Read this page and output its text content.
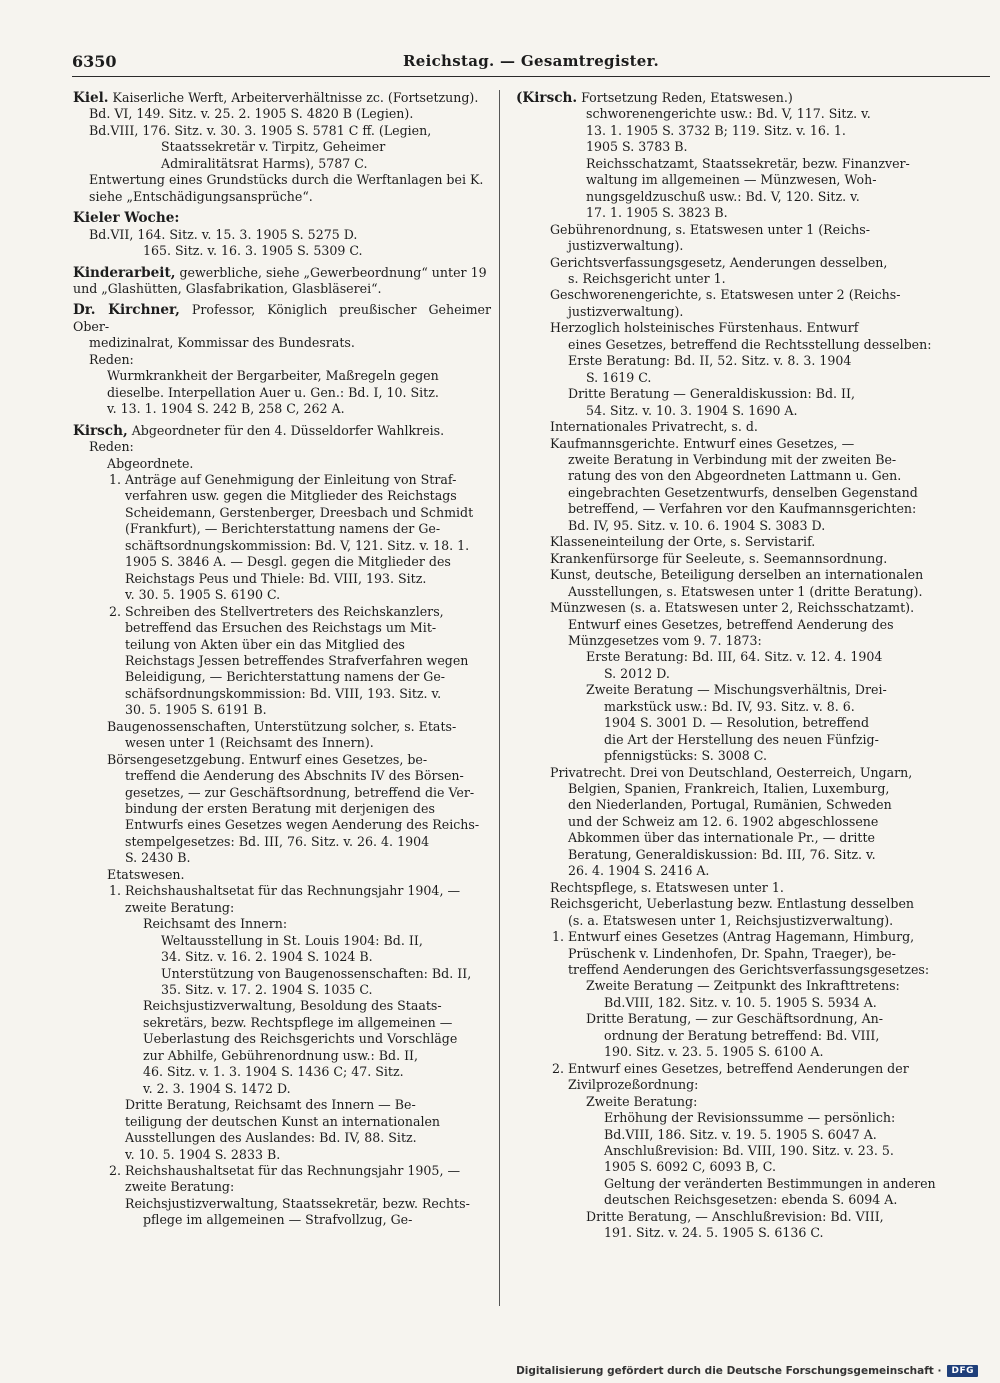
6350	Reichstag. — Gesamtregister.

Kiel. Kaiserliche Werft, Arbeiterverhältnisse zc. (Fortsetzung).

Bd. VI, 149. Sitz. v. 25. 2. 1905 S. 4820 B (Legien).

Bd.VIII, 176. Sitz. v. 30. 3. 1905 S. 5781 C ff. (Legien,

Staatssekretär v. Tirpitz, Geheimer

Admiralitätsrat Harms), 5787 C.

Entwertung eines Grundstücks durch die Werftanlagen bei K.

siehe „Entschädigungsansprüche“.

Kieler Woche:

Bd.VII, 164. Sitz. v. 15. 3. 1905 S. 5275 D.

165. Sitz. v. 16. 3. 1905 S. 5309 C.

Kinderarbeit, gewerbliche, siehe „Gewerbeordnung“ unter 19

und „Glashütten, Glasfabrikation, Glasbläserei“.

Dr. Kirchner, Professor, Königlich preußischer Geheimer Ober-

medizinalrat, Kommissar des Bundesrats.

Reden:

Wurmkrankheit der Bergarbeiter, Maßregeln gegen

dieselbe. Interpellation Auer u. Gen.: Bd. I, 10. Sitz.

v. 13. 1. 1904 S. 242 B, 258 C, 262 A.

Kirsch, Abgeordneter für den 4. Düsseldorfer Wahlkreis.

Reden:

Abgeordnete.

1. Anträge auf Genehmigung der Einleitung von Straf-

verfahren usw. gegen die Mitglieder des Reichstags

Scheidemann, Gerstenberger, Dreesbach und Schmidt

(Frankfurt), — Berichterstattung namens der Ge-

schäftsordnungskommission: Bd. V, 121. Sitz. v. 18. 1.

1905 S. 3846 A. — Desgl. gegen die Mitglieder des

Reichstags Peus und Thiele: Bd. VIII, 193. Sitz.

v. 30. 5. 1905 S. 6190 C.

2. Schreiben des Stellvertreters des Reichskanzlers,

betreffend das Ersuchen des Reichstags um Mit-

teilung von Akten über ein das Mitglied des

Reichstags Jessen betreffendes Strafverfahren wegen

Beleidigung, — Berichterstattung namens der Ge-

schäfsordnungskommission: Bd. VIII, 193. Sitz. v.

30. 5. 1905 S. 6191 B.

Baugenossenschaften, Unterstützung solcher, s. Etats-

wesen unter 1 (Reichsamt des Innern).

Börsengesetzgebung. Entwurf eines Gesetzes, be-

treffend die Aenderung des Abschnits IV des Börsen-

gesetzes, — zur Geschäftsordnung, betreffend die Ver-

bindung der ersten Beratung mit derjenigen des

Entwurfs eines Gesetzes wegen Aenderung des Reichs-

stempelgesetzes: Bd. III, 76. Sitz. v. 26. 4. 1904

S. 2430 B.

Etatswesen.

1. Reichshaushaltsetat für das Rechnungsjahr 1904, —

zweite Beratung:

Reichsamt des Innern:

Weltausstellung in St. Louis 1904: Bd. II,

34. Sitz. v. 16. 2. 1904 S. 1024 B.

Unterstützung von Baugenossenschaften: Bd. II,

35. Sitz. v. 17. 2. 1904 S. 1035 C.

Reichsjustizverwaltung, Besoldung des Staats-

sekretärs, bezw. Rechtspflege im allgemeinen —

Ueberlastung des Reichsgerichts und Vorschläge

zur Abhilfe, Gebührenordnung usw.: Bd. II,

46. Sitz. v. 1. 3. 1904 S. 1436 C; 47. Sitz.

v. 2. 3. 1904 S. 1472 D.

Dritte Beratung, Reichsamt des Innern — Be-

teiligung der deutschen Kunst an internationalen

Ausstellungen des Auslandes: Bd. IV, 88. Sitz.

v. 10. 5. 1904 S. 2833 B.

2. Reichshaushaltsetat für das Rechnungsjahr 1905, —

zweite Beratung:

Reichsjustizverwaltung, Staatssekretär, bezw. Rechts-

pflege im allgemeinen — Strafvollzug, Ge-

(Kirsch. Fortsetzung Reden, Etatswesen.)

schworenengerichte usw.: Bd. V, 117. Sitz. v.

13. 1. 1905 S. 3732 B; 119. Sitz. v. 16. 1.

1905 S. 3783 B.

Reichsschatzamt, Staatssekretär, bezw. Finanzver-

waltung im allgemeinen — Münzwesen, Woh-

nungsgeldzuschuß usw.: Bd. V, 120. Sitz. v.

17. 1. 1905 S. 3823 B.

Gebührenordnung, s. Etatswesen unter 1 (Reichs-

justizverwaltung).

Gerichtsverfassungsgesetz, Aenderungen desselben,

s. Reichsgericht unter 1.

Geschworenengerichte, s. Etatswesen unter 2 (Reichs-

justizverwaltung).

Herzoglich holsteinisches Fürstenhaus. Entwurf

eines Gesetzes, betreffend die Rechtsstellung desselben:

Erste Beratung: Bd. II, 52. Sitz. v. 8. 3. 1904

S. 1619 C.

Dritte Beratung — Generaldiskussion: Bd. II,

54. Sitz. v. 10. 3. 1904 S. 1690 A.

Internationales Privatrecht, s. d.

Kaufmannsgerichte. Entwurf eines Gesetzes, —

zweite Beratung in Verbindung mit der zweiten Be-

ratung des von den Abgeordneten Lattmann u. Gen.

eingebrachten Gesetzentwurfs, denselben Gegenstand

betreffend, — Verfahren vor den Kaufmannsgerichten:

Bd. IV, 95. Sitz. v. 10. 6. 1904 S. 3083 D.

Klasseneinteilung der Orte, s. Servistarif.

Krankenfürsorge für Seeleute, s. Seemannsordnung.

Kunst, deutsche, Beteiligung derselben an internationalen

Ausstellungen, s. Etatswesen unter 1 (dritte Beratung).

Münzwesen (s. a. Etatswesen unter 2, Reichsschatzamt).

Entwurf eines Gesetzes, betreffend Aenderung des

Münzgesetzes vom 9. 7. 1873:

Erste Beratung: Bd. III, 64. Sitz. v. 12. 4. 1904

S. 2012 D.

Zweite Beratung — Mischungsverhältnis, Drei-

markstück usw.: Bd. IV, 93. Sitz. v. 8. 6.

1904 S. 3001 D. — Resolution, betreffend

die Art der Herstellung des neuen Fünfzig-

pfennigstücks: S. 3008 C.

Privatrecht. Drei von Deutschland, Oesterreich, Ungarn,

Belgien, Spanien, Frankreich, Italien, Luxemburg,

den Niederlanden, Portugal, Rumänien, Schweden

und der Schweiz am 12. 6. 1902 abgeschlossene

Abkommen über das internationale Pr., — dritte

Beratung, Generaldiskussion: Bd. III, 76. Sitz. v.

26. 4. 1904 S. 2416 A.

Rechtspflege, s. Etatswesen unter 1.

Reichsgericht, Ueberlastung bezw. Entlastung desselben

(s. a. Etatswesen unter 1, Reichsjustizverwaltung).

1. Entwurf eines Gesetzes (Antrag Hagemann, Himburg,

Prüschenk v. Lindenhofen, Dr. Spahn, Traeger), be-

treffend Aenderungen des Gerichtsverfassungsgesetzes:

Zweite Beratung — Zeitpunkt des Inkrafttretens:

Bd.VIII, 182. Sitz. v. 10. 5. 1905 S. 5934 A.

Dritte Beratung, — zur Geschäftsordnung, An-

ordnung der Beratung betreffend: Bd. VIII,

190. Sitz. v. 23. 5. 1905 S. 6100 A.

2. Entwurf eines Gesetzes, betreffend Aenderungen der

Zivilprozeßordnung:

Zweite Beratung:

Erhöhung der Revisionssumme — persönlich:

Bd.VIII, 186. Sitz. v. 19. 5. 1905 S. 6047 A.

Anschlußrevision: Bd. VIII, 190. Sitz. v. 23. 5.

1905 S. 6092 C, 6093 B, C.

Geltung der veränderten Bestimmungen in anderen

deutschen Reichsgesetzen: ebenda S. 6094 A.

Dritte Beratung, — Anschlußrevision: Bd. VIII,

191. Sitz. v. 24. 5. 1905 S. 6136 C.

Digitalisierung gefördert durch die Deutsche Forschungsgemeinschaft ·	DFG
